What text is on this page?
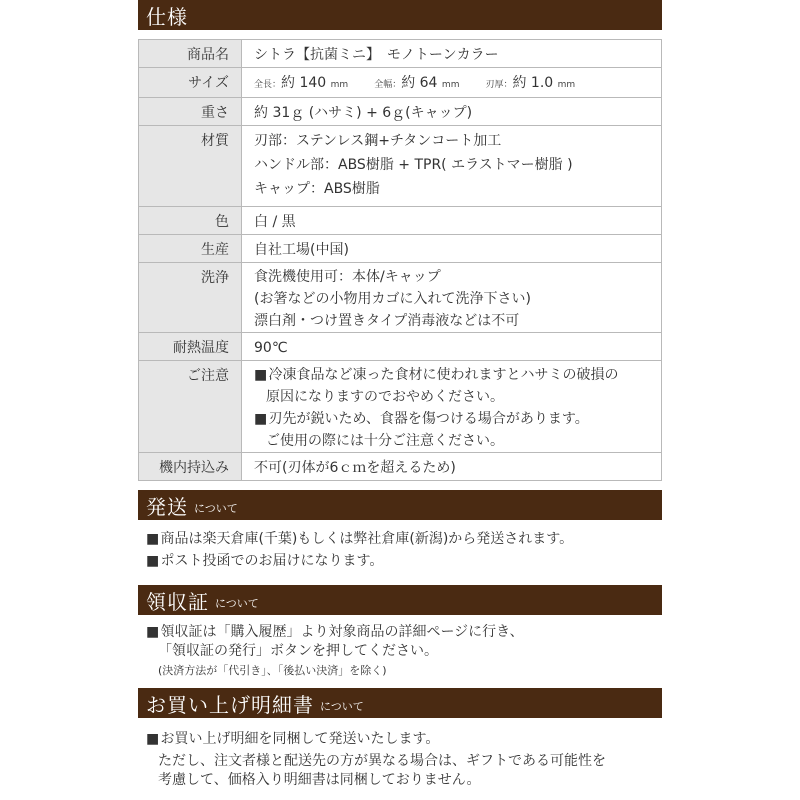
仕様
商品名	シトラ【抗菌ミニ】　モノトーンカラー
サイズ	全長：約 140 mm 全幅：約 64 mm 刃厚：約 1.0 mm
重さ	約 31ｇ (ハサミ) + 6ｇ(キャップ)
材質	刃部：ステンレス鋼+チタンコート加工
ハンドル部：ABS樹脂 + TPR( エラストマー樹脂 )
キャップ：ABS樹脂

色	白 / 黒
生産	自社工場(中国)
洗浄	食洗機使用可：本体/キャップ
(お箸などの小物用カゴに入れて洗浄下さい)
漂白剤・つけ置きタイプ消毒液などは不可

耐熱温度	90℃
ご注意	■ 冷凍食品など凍った食材に使われますとハサミの破損の
原因になりますのでおやめください。
■ 刃先が鋭いため、食器を傷つける場合があります。
ご使用の際には十分ご注意ください。

機内持込み	不可(刃体が6ｃｍを超えるため)
発送 について
■ 商品は楽天倉庫(千葉)もしくは弊社倉庫(新潟)から発送されます。
■ ポスト投函でのお届けになります。
領収証 について
■ 領収証は「購入履歴」より対象商品の詳細ページに行き、
「領収証の発行」ボタンを押してください。
(決済方法が「代引き」、「後払い決済」を除く)
お買い上げ明細書 について
■ お買い上げ明細を同梱して発送いたします。
ただし、注文者様と配送先の方が異なる場合は、ギフトである可能性を
考慮して、価格入り明細書は同梱しておりません。
